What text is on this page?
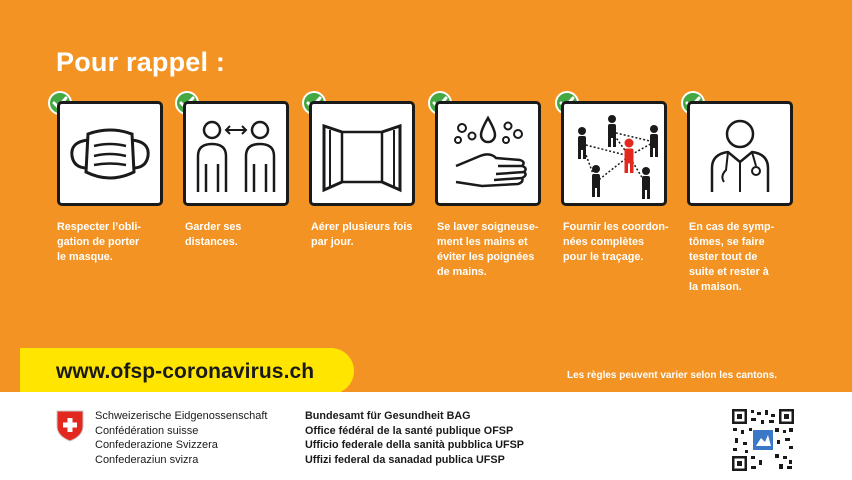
Pour rappel :
Respecter l’obli-
gation de porter
le masque.
Garder ses
distances.
Aérer plusieurs fois
par jour.
Se laver soigneuse-
ment les mains et
éviter les poignées
de mains.
Fournir les coordon-
nées complètes
pour le traçage.
En cas de symp-
tômes, se faire
tester tout de
suite et rester à
la maison.
www.ofsp-coronavirus.ch	Les règles peuvent varier selon les cantons.
Schweizerische Eidgenossenschaft
Confédération suisse
Confederazione Svizzera
Confederaziun svizra
Bundesamt für Gesundheit BAG
Office fédéral de la santé publique OFSP
Ufficio federale della sanità pubblica UFSP
Uffizi federal da sanadad publica UFSP
